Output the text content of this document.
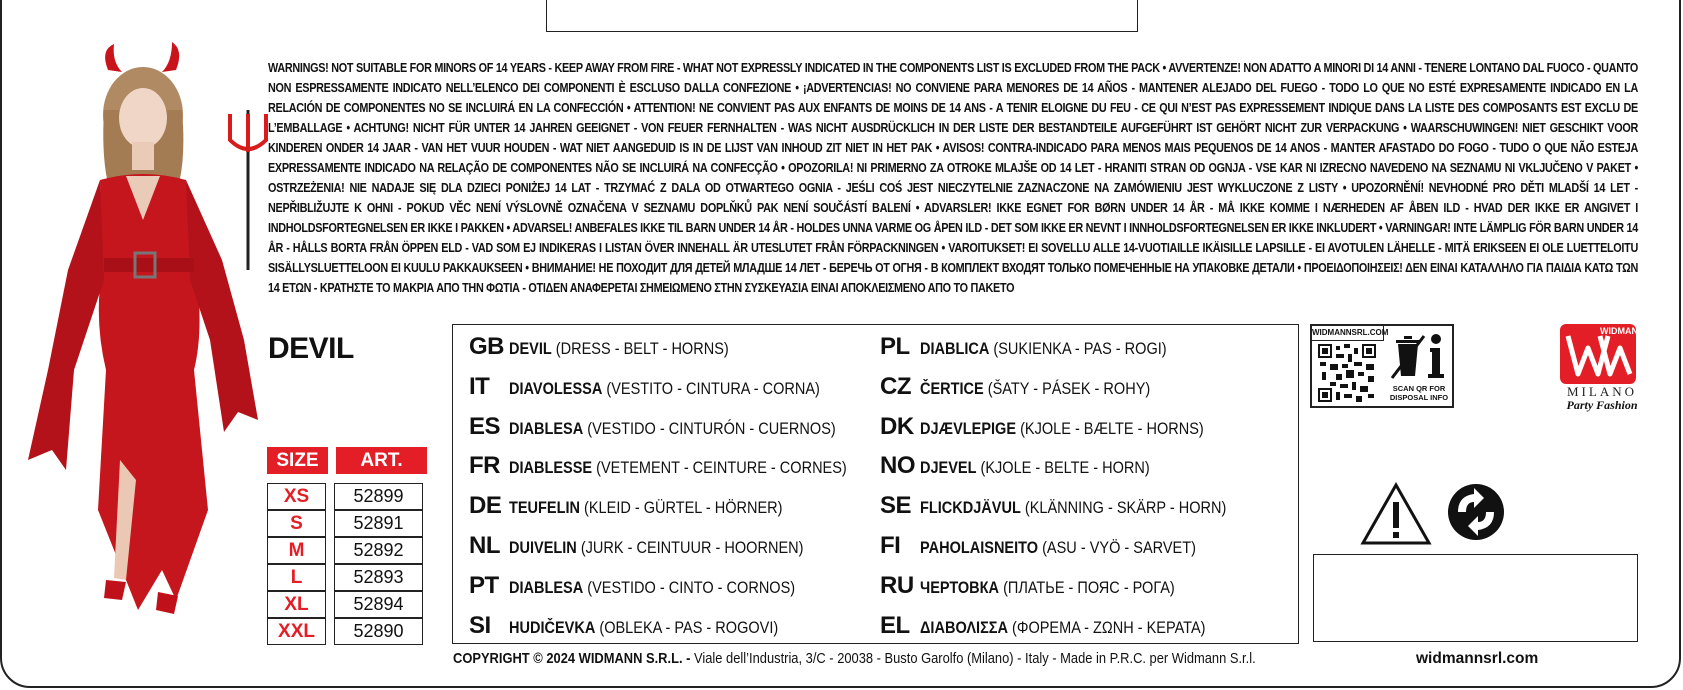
WARNINGS! NOT SUITABLE FOR MINORS OF 14 YEARS - KEEP AWAY FROM FIRE - WHAT NOT EXPRESSLY INDICATED IN THE COMPONENTS LIST IS EXCLUDED FROM THE PACK • AVVERTENZE! NON ADATTO A MINORI DI 14 ANNI - TENERE LONTANO DAL FUOCO - QUANTO NON ESPRESSAMENTE INDICATO NELL’ELENCO DEI COMPONENTI È ESCLUSO DALLA CONFEZIONE • ¡ADVERTENCIAS! NO CONVIENE PARA MENORES DE 14 AÑOS - MANTENER ALEJADO DEL FUEGO - TODO LO QUE NO ESTÉ EXPRESAMENTE INDICADO EN LA RELACIÓN DE COMPONENTES NO SE INCLUIRÁ EN LA CONFECCIÓN • ATTENTION! NE CONVIENT PAS AUX ENFANTS DE MOINS DE 14 ANS - A TENIR ELOIGNE DU FEU - CE QUI N’EST PAS EXPRESSEMENT INDIQUE DANS LA LISTE DES COMPOSANTS EST EXCLU DE L’EMBALLAGE • ACHTUNG! NICHT FÜR UNTER 14 JAHREN GEEIGNET - VON FEUER FERNHALTEN - WAS NICHT AUSDRÜCKLICH IN DER LISTE DER BESTANDTEILE AUFGEFÜHRT IST GEHÖRT NICHT ZUR VERPACKUNG • WAARSCHUWINGEN! NIET GESCHIKT VOOR KINDEREN ONDER 14 JAAR - VAN HET VUUR HOUDEN - WAT NIET AANGEDUID IS IN DE LIJST VAN INHOUD ZIT NIET IN HET PAK • AVISOS! CONTRA-INDICADO PARA MENOS MAIS PEQUENOS DE 14 ANOS - MANTER AFASTADO DO FOGO - TUDO O QUE NÃO ESTEJA EXPRESSAMENTE INDICADO NA RELAÇÃO DE COMPONENTES NÃO SE INCLUIRÁ NA CONFECÇÃO • OPOZORILA! NI PRIMERNO ZA OTROKE MLAJŠE OD 14 LET - HRANITI STRAN OD OGNJA - VSE KAR NI IZRECNO NAVEDENO NA SEZNAMU NI VKLJUČENO V PAKET • OSTRZEŻENIA! NIE NADAJE SIĘ DLA DZIECI PONIŻEJ 14 LAT - TRZYMAĆ Z DALA OD OTWARTEGO OGNIA - JEŚLI COŚ JEST NIECZYTELNIE ZAZNACZONE NA ZAMÓWIENIU JEST WYKLUCZONE Z LISTY • UPOZORNĚNÍ! NEVHODNÉ PRO DĚTI MLADŠÍ 14 LET - NEPŘIBLIŽUJTE K OHNI - POKUD VĚC NENÍ VÝSLOVNĚ OZNAČENA V SEZNAMU DOPLŇKŮ PAK NENÍ SOUČÁSTÍ BALENÍ • ADVARSLER! IKKE EGNET FOR BØRN UNDER 14 ÅR - MÅ IKKE KOMME I NÆRHEDEN AF ÅBEN ILD - HVAD DER IKKE ER ANGIVET I INDHOLDSFORTEGNELSEN ER IKKE I PAKKEN • ADVARSEL! ANBEFALES IKKE TIL BARN UNDER 14 ÅR - HOLDES UNNA VARME OG ÅPEN ILD - DET SOM IKKE ER NEVNT I INNHOLDSFORTEGNELSEN ER IKKE INKLUDERT • VARNINGAR! INTE LÄMPLIG FÖR BARN UNDER 14 ÅR - HÅLLS BORTA FRÅN ÖPPEN ELD - VAD SOM EJ INDIKERAS I LISTAN ÖVER INNEHALL ÄR UTESLUTET FRÅN FÖRPACKNINGEN • VAROITUKSET! EI SOVELLU ALLE 14-VUOTIAILLE IKÄISILLE LAPSILLE - EI AVOTULEN LÄHELLE - MITÄ ERIKSEEN EI OLE LUETTELOITU SISÄLLYSLUETTELOON EI KUULU PAKKAUKSEEN • ВНИМАНИЕ! НЕ ПОХОДИТ ДЛЯ ДЕТЕЙ МЛАДШЕ 14 ЛЕТ - БЕРЕЧЬ ОТ ОГНЯ - В КОМПЛЕКТ ВХОДЯТ ТОЛЬКО ПОМЕЧЕННЫЕ НА УПАКОВКЕ ДЕТАЛИ • ΠΡΟΕΙΔΟΠΟΙΗΣΕΙΣ! ΔΕΝ ΕΙΝΑΙ ΚΑΤΑΛΛΗΛΟ ΓΙΑ ΠΑΙΔΙΑ ΚΑΤΩ ΤΩΝ 14 ΕΤΩΝ - ΚΡΑΤΗΣΤΕ ΤΟ ΜΑΚΡΙΑ ΑΠΟ ΤΗΝ ΦΩΤΙΑ - ΟΤΙΔΕΝ ΑΝΑΦΕΡΕΤΑΙ ΣΗΜΕΙΩΜΕΝΟ ΣΤΗΝ ΣΥΣΚΕΥΑΣΙΑ ΕΙΝΑΙ ΑΠΟΚΛΕΙΣΜΕΝΟ ΑΠΟ ΤΟ ΠΑΚΕΤΟ
DEVIL
SIZE	ART.
XS	52899
S	52891
M	52892
L	52893
XL	52894
XXL	52890
GB DEVIL (DRESS - BELT - HORNS)
IT	DIAVOLESSA (VESTITO - CINTURA - CORNA)
ES DIABLESA (VESTIDO - CINTURÓN - CUERNOS)
FR DIABLESSE (VETEMENT - CEINTURE - CORNES)
DE TEUFELIN (KLEID - GÜRTEL - HÖRNER)
NL DUIVELIN (JURK - CEINTUUR - HOORNEN)
PT DIABLESA (VESTIDO - CINTO - CORNOS)
SI	HUDIČEVKA (OBLEKA - PAS - ROGOVI)
PL DIABLICA (SUKIENKA - PAS - ROGI)
CZ ČERTICE (ŠATY - PÁSEK - ROHY)
DK DJÆVLEPIGE (KJOLE - BÆLTE - HORNS)
NO DJEVEL (KJOLE - BELTE - HORN)
SE FLICKDJÄVUL (KLÄNNING - SKÄRP - HORN)
FI	PAHOLAISNEITO (ASU - VYÖ - SARVET)
RU ЧЕРТОВКА (ПЛАТЬЕ - ПОЯС - РОГА)
EL ΔΙΑΒΟΛΙΣΣΑ (ΦΟΡΕΜΑ - ΖΩΝΗ - ΚΕΡΑΤΑ)
COPYRIGHT © 2024 WIDMANN S.R.L. - Viale dell’Industria, 3/C - 20038 - Busto Garolfo (Milano) - Italy - Made in P.R.C. per Widmann S.r.l.	widmannsrl.com
WIDMANNSRL.COM
SCAN QR FOR
DISPOSAL INFO
WIDMANN
MILANO
Party Fashion
